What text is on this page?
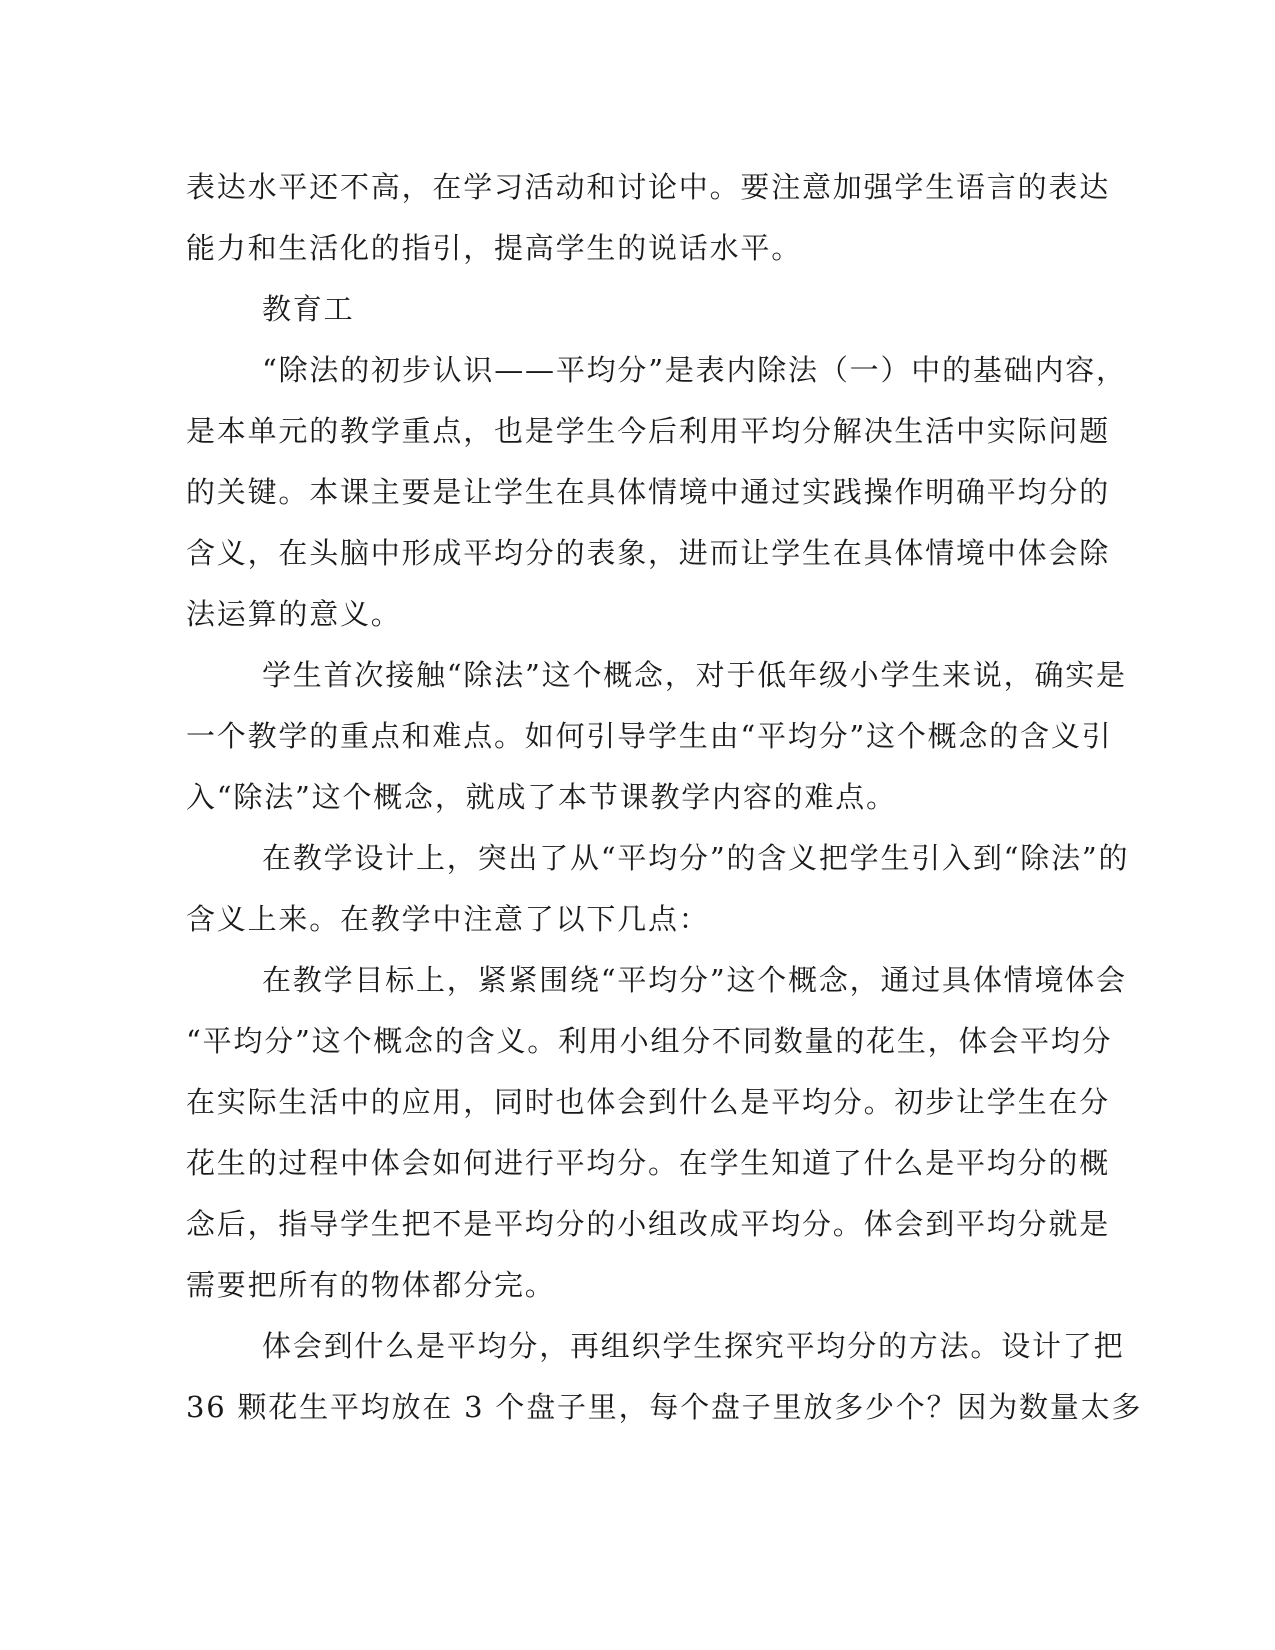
表达水平还不高，在学习活动和讨论中。要注意加强学生语言的表达
能力和生活化的指引，提高学生的说话水平。
教育工
“除法的初步认识——平均分”是表内除法（一）中的基础内容，
是本单元的教学重点，也是学生今后利用平均分解决生活中实际问题
的关键。本课主要是让学生在具体情境中通过实践操作明确平均分的
含义，在头脑中形成平均分的表象，进而让学生在具体情境中体会除
法运算的意义。
学生首次接触“除法”这个概念，对于低年级小学生来说，确实是
一个教学的重点和难点。如何引导学生由“平均分”这个概念的含义引
入“除法”这个概念，就成了本节课教学内容的难点。
在教学设计上，突出了从“平均分”的含义把学生引入到“除法”的
含义上来。在教学中注意了以下几点：
在教学目标上，紧紧围绕“平均分”这个概念，通过具体情境体会
“平均分”这个概念的含义。利用小组分不同数量的花生，体会平均分
在实际生活中的应用，同时也体会到什么是平均分。初步让学生在分
花生的过程中体会如何进行平均分。在学生知道了什么是平均分的概
念后，指导学生把不是平均分的小组改成平均分。体会到平均分就是
需要把所有的物体都分完。
体会到什么是平均分，再组织学生探究平均分的方法。设计了把
36 颗花生平均放在 3 个盘子里，每个盘子里放多少个？因为数量太多
